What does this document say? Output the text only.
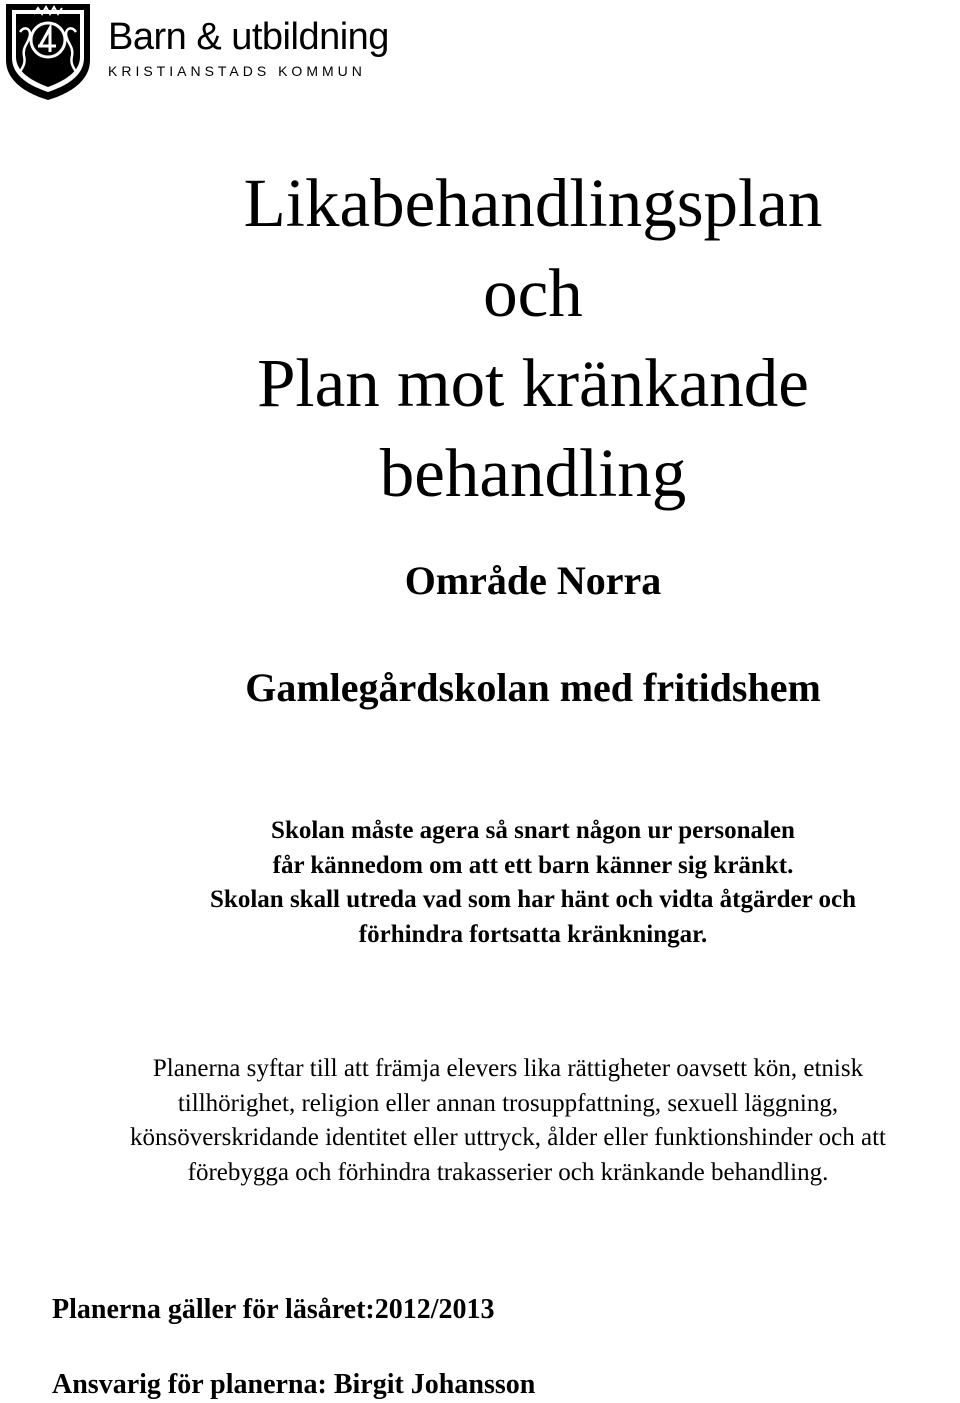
Barn & utbildning
KRISTIANSTADS KOMMUN
Likabehandlingsplan
och
Plan mot kränkande
behandling
Område Norra
Gamlegårdskolan med fritidshem
Skolan måste agera så snart någon ur personalen
får kännedom om att ett barn känner sig kränkt.
Skolan skall utreda vad som har hänt och vidta åtgärder och
förhindra fortsatta kränkningar.
Planerna syftar till att främja elevers lika rättigheter oavsett kön, etnisk
tillhörighet, religion eller annan trosuppfattning, sexuell läggning,
könsöverskridande identitet eller uttryck, ålder eller funktionshinder och att
förebygga och förhindra trakasserier och kränkande behandling.
Planerna gäller för läsåret:2012/2013
Ansvarig för planerna: Birgit Johansson
